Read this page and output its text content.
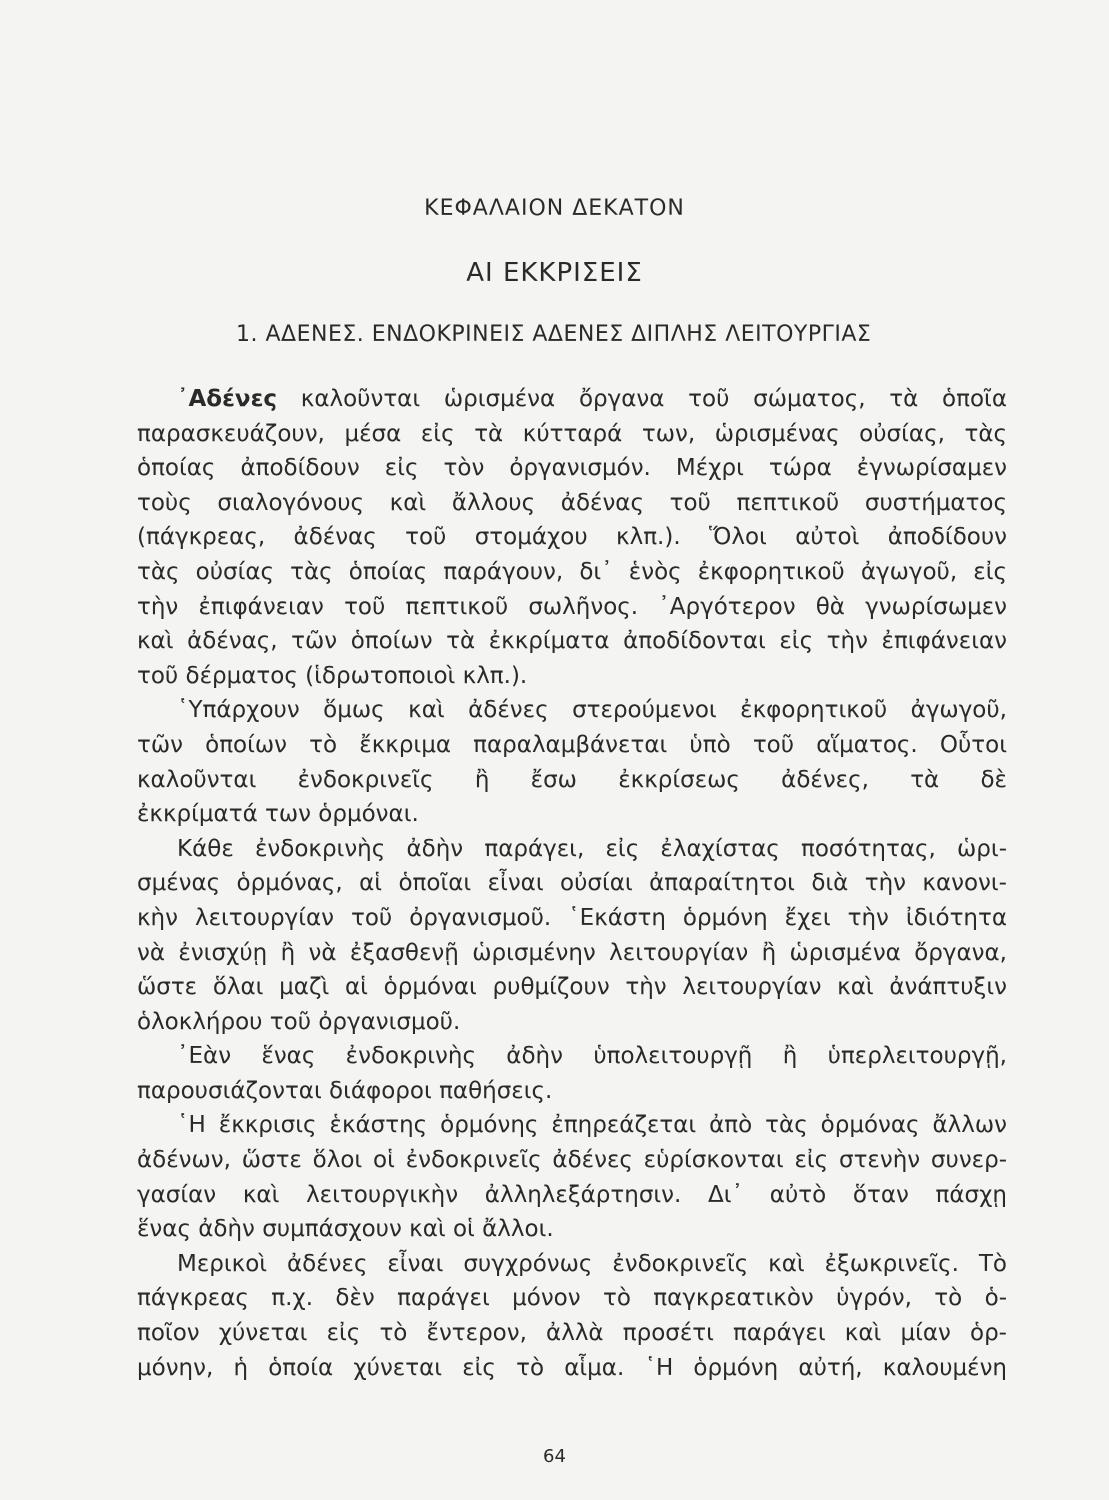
ΚΕΦΑΛΑΙΟΝ ΔΕΚΑΤΟΝ
ΑΙ ΕΚΚΡΙΣΕΙΣ
1. ΑΔΕΝΕΣ. ΕΝΔΟΚΡΙΝΕΙΣ ΑΔΕΝΕΣ ΔΙΠΛΗΣ ΛΕΙΤΟΥΡΓΙΑΣ
᾿Αδένες καλοῦνται ὡρισμένα ὄργανα τοῦ σώματος, τὰ ὁποῖα
παρασκευάζουν, μέσα εἰς τὰ κύτταρά των, ὡρισμένας οὐσίας, τὰς
ὁποίας ἀποδίδουν εἰς τὸν ὀργανισμόν. Μέχρι τώρα ἐγνωρίσαμεν
τοὺς σιαλογόνους καὶ ἄλλους ἀδένας τοῦ πεπτικοῦ συστήματος
(πάγκρεας, ἀδένας τοῦ στομάχου κλπ.). Ὅλοι αὐτοὶ ἀποδίδουν
τὰς οὐσίας τὰς ὁποίας παράγουν, δι᾿ ἑνὸς ἐκφορητικοῦ ἀγωγοῦ, εἰς
τὴν ἐπιφάνειαν τοῦ πεπτικοῦ σωλῆνος. ᾿Αργότερον θὰ γνωρίσωμεν
καὶ ἀδένας, τῶν ὁποίων τὰ ἐκκρίματα ἀποδίδονται εἰς τὴν ἐπιφάνειαν
τοῦ δέρματος (ἱδρωτοποιοὶ κλπ.).
῾Υπάρχουν ὅμως καὶ ἀδένες στερούμενοι ἐκφορητικοῦ ἀγωγοῦ,
τῶν ὁποίων τὸ ἔκκριμα παραλαμβάνεται ὑπὸ τοῦ αἵματος. Οὗτοι
καλοῦνται ἐνδοκρινεῖς ἢ ἔσω ἐκκρίσεως ἀδένες, τὰ δὲ
ἐκκρίματά των ὁρμόναι.
Κάθε ἐνδοκρινὴς ἀδὴν παράγει, εἰς ἐλαχίστας ποσότητας, ὡρι-
σμένας ὁρμόνας, αἱ ὁποῖαι εἶναι οὐσίαι ἀπαραίτητοι διὰ τὴν κανονι-
κὴν λειτουργίαν τοῦ ὀργανισμοῦ. ῾Εκάστη ὁρμόνη ἔχει τὴν ἰδιότητα
νὰ ἐνισχύῃ ἢ νὰ ἐξασθενῇ ὡρισμένην λειτουργίαν ἢ ὡρισμένα ὄργανα,
ὥστε ὅλαι μαζὶ αἱ ὁρμόναι ρυθμίζουν τὴν λειτουργίαν καὶ ἀνάπτυξιν
ὁλοκλήρου τοῦ ὀργανισμοῦ.
᾿Εὰν ἕνας ἐνδοκρινὴς ἀδὴν ὑπολειτουργῇ ἢ ὑπερλειτουργῇ,
παρουσιάζονται διάφοροι παθήσεις.
῾Η ἔκκρισις ἑκάστης ὁρμόνης ἐπηρεάζεται ἀπὸ τὰς ὁρμόνας ἄλλων
ἀδένων, ὥστε ὅλοι οἱ ἐνδοκρινεῖς ἀδένες εὑρίσκονται εἰς στενὴν συνερ-
γασίαν καὶ λειτουργικὴν ἀλληλεξάρτησιν. Δι᾿ αὐτὸ ὅταν πάσχῃ
ἕνας ἀδὴν συμπάσχουν καὶ οἱ ἄλλοι.
Μερικοὶ ἀδένες εἶναι συγχρόνως ἐνδοκρινεῖς καὶ ἐξωκρινεῖς. Τὸ
πάγκρεας π.χ. δὲν παράγει μόνον τὸ παγκρεατικὸν ὑγρόν, τὸ ὁ-
ποῖον χύνεται εἰς τὸ ἔντερον, ἀλλὰ προσέτι παράγει καὶ μίαν ὁρ-
μόνην, ἡ ὁποία χύνεται εἰς τὸ αἷμα. ῾Η ὁρμόνη αὐτή, καλουμένη

64
